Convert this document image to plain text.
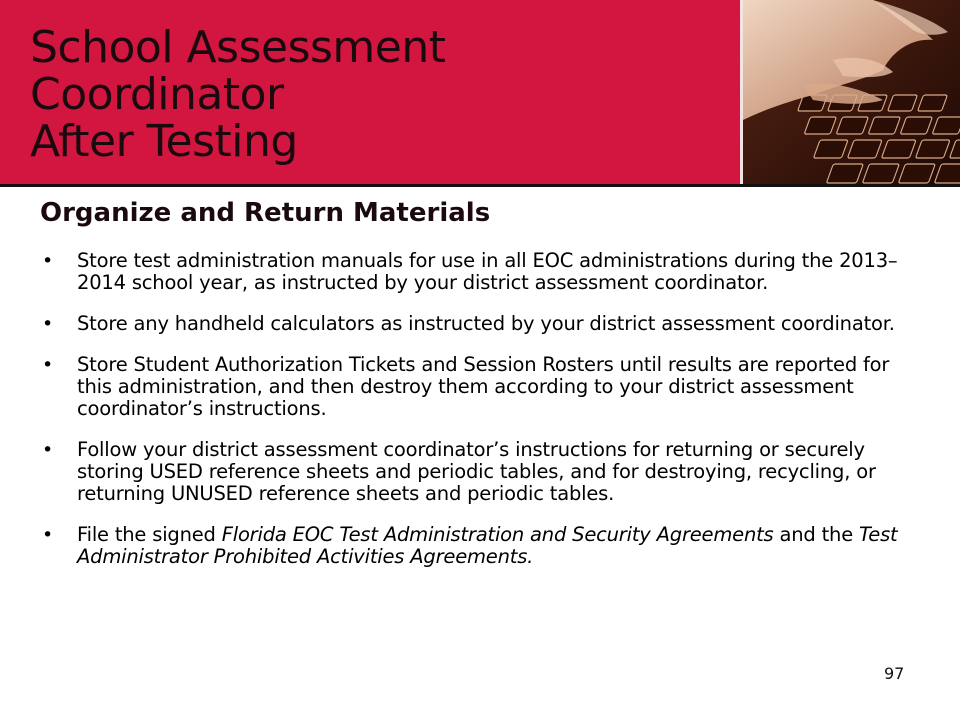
School Assessment
Coordinator
After Testing
Organize and Return Materials
• Store test administration manuals for use in all EOC administrations during the 2013–2014 school year, as instructed by your district assessment coordinator.
• Store any handheld calculators as instructed by your district assessment coordinator.
• Store Student Authorization Tickets and Session Rosters until results are reported for this administration, and then destroy them according to your district assessment coordinator’s instructions.
• Follow your district assessment coordinator’s instructions for returning or securely storing USED reference sheets and periodic tables, and for destroying, recycling, or returning UNUSED reference sheets and periodic tables.
• File the signed Florida EOC Test Administration and Security Agreements and the Test Administrator Prohibited Activities Agreements.
97
